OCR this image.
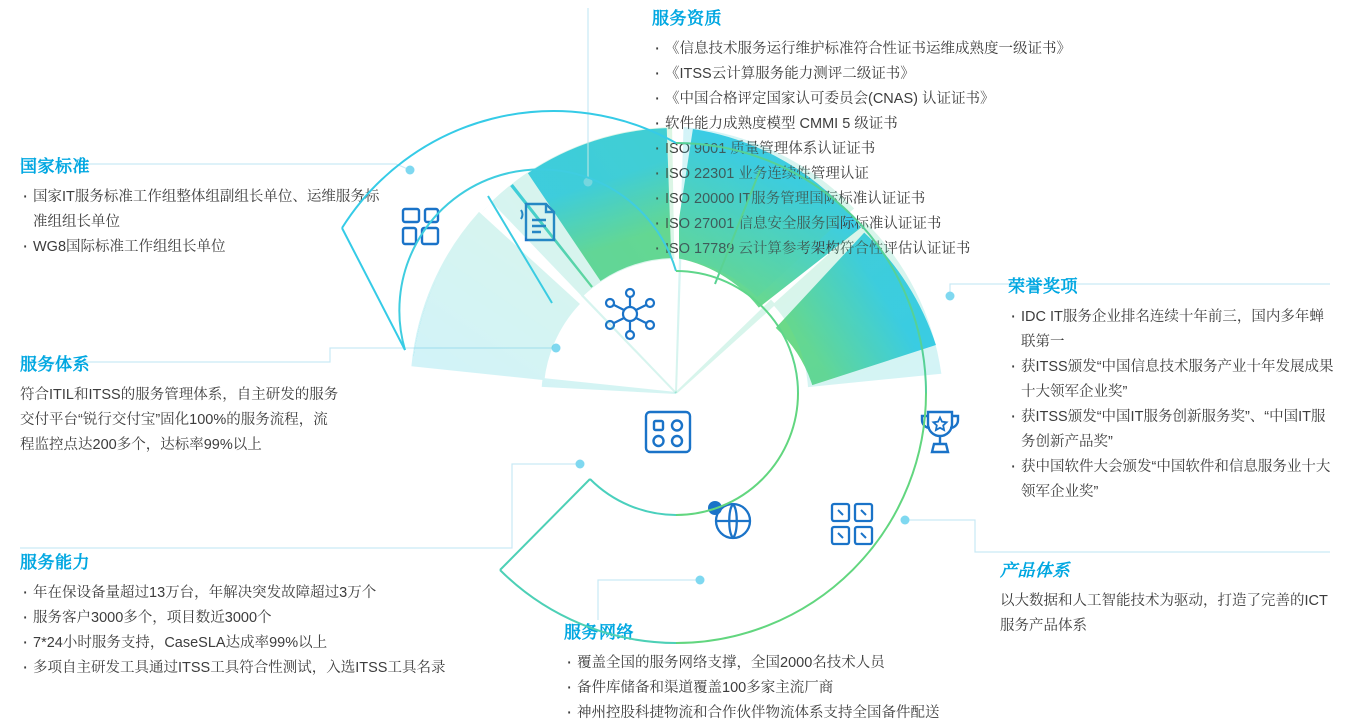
国家标准
· 国家IT服务标准工作组整体组副组长单位、运维服务标准组组长单位
· WG8国际标准工作组组长单位
服务资质
· 《信息技术服务运行维护标准符合性证书运维成熟度一级证书》
· 《ITSS云计算服务能力测评二级证书》
· 《中国合格评定国家认可委员会(CNAS) 认证证书》
· 软件能力成熟度模型 CMMI 5 级证书
· ISO 9001 质量管理体系认证证书
· ISO 22301 业务连续性管理认证
· ISO 20000 IT服务管理国际标准认证证书
· ISO 27001 信息安全服务国际标准认证证书
· ISO 17789 云计算参考架构符合性评估认证证书
服务体系

符合ITIL和ITSS的服务管理体系，自主研发的服务交付平台“锐行交付宝”固化100%的服务流程，流程监控点达200多个，达标率99%以上

荣誉奖项
· IDC IT服务企业排名连续十年前三，国内多年蝉联第一
· 获ITSS颁发“中国信息技术服务产业十年发展成果十大领军企业奖”
· 获ITSS颁发“中国IT服务创新服务奖”、“中国IT服务创新产品奖”
· 获中国软件大会颁发“中国软件和信息服务业十大领军企业奖”
服务能力
· 年在保设备量超过13万台，年解决突发故障超过3万个
· 服务客户3000多个，项目数近3000个
· 7*24小时服务支持，CaseSLA达成率99%以上
· 多项自主研发工具通过ITSS工具符合性测试，入选ITSS工具名录
服务网络
· 覆盖全国的服务网络支撑，全国2000名技术人员
· 备件库储备和渠道覆盖100多家主流厂商
· 神州控股科捷物流和合作伙伴物流体系支持全国备件配送
产品体系

以大数据和人工智能技术为驱动，打造了完善的ICT服务产品体系
